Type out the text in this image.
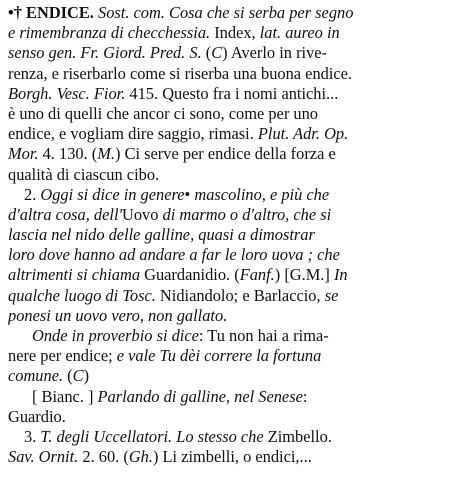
•† ENDICE. Sost. com. Cosa che si serba per segno
e rimembranza di checchessia. Index, lat. aureo in
senso gen. Fr. Giord. Pred. S. (C) Averlo in rive-
renza, e riserbarlo come si riserba una buona endice.
Borgh. Vesc. Fior. 415. Questo fra i nomi antichi...
è uno di quelli che ancor ci sono, come per uno
endice, e vogliam dire saggio, rimasi. Plut. Adr. Op.
Mor. 4. 130. (M.) Ci serve per endice della forza e
qualità di ciascun cibo.
2. Oggi si dice in genere• mascolino, e più che
d'altra cosa, dell'Uovo di marmo o d'altro, che si
lascia nel nido delle galline, quasi a dimostrar
loro dove hanno ad andare a far le loro uova ; che
altrimenti si chiama Guardanidio. (Fanf.) [G.M.] In
qualche luogo di Tosc. Nidiandolo; e Barlaccio, se
ponesi un uovo vero, non gallato.
Onde in proverbio si dice: Tu non hai a rima-
nere per endice; e vale Tu dèi correre la fortuna
comune. (C)
[ Bianc. ] Parlando di galline, nel Senese:
Guardio.
3. T. degli Uccellatori. Lo stesso che Zimbello.
Sav. Ornit. 2. 60. (Gh.) Li zimbelli, o endici,...
